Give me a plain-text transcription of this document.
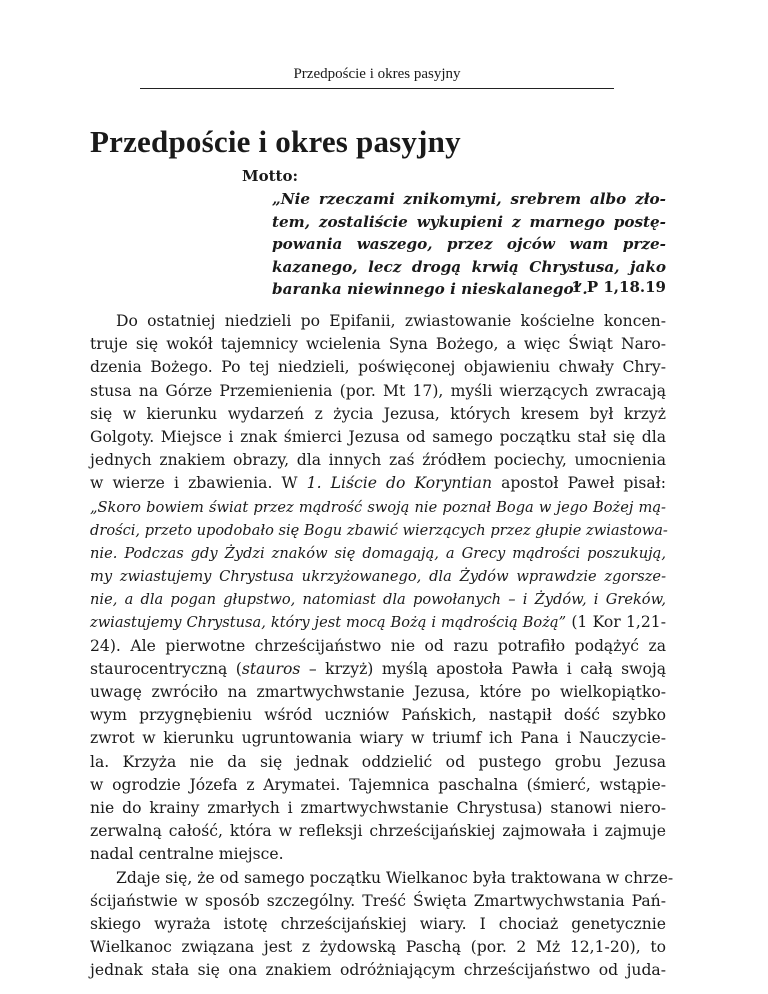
Przedpoście i okres pasyjny
Przedpoście i okres pasyjny
Motto:
„Nie rzeczami znikomymi, srebrem albo zło-
tem, zostaliście wykupieni z marnego postę-
powania waszego, przez ojców wam prze-
kazanego, lecz drogą krwią Chrystusa, jako
baranka niewinnego i nieskalanego”.
1 P 1,18.19
Do ostatniej niedzieli po Epifanii, zwiastowanie kościelne koncen-
truje się wokół tajemnicy wcielenia Syna Bożego, a więc Świąt Naro-
dzenia Bożego. Po tej niedzieli, poświęconej objawieniu chwały Chry-
stusa na Górze Przemienienia (por. Mt 17), myśli wierzących zwracają
się w kierunku wydarzeń z życia Jezusa, których kresem był krzyż
Golgoty. Miejsce i znak śmierci Jezusa od samego początku stał się dla
jednych znakiem obrazy, dla innych zaś źródłem pociechy, umocnienia
w wierze i zbawienia. W 1. Liście do Koryntian apostoł Paweł pisał:
„Skoro bowiem świat przez mądrość swoją nie poznał Boga w jego Bożej mą-
drości, przeto upodobało się Bogu zbawić wierzących przez głupie zwiastowa-
nie. Podczas gdy Żydzi znaków się domagają, a Grecy mądrości poszukują,
my zwiastujemy Chrystusa ukrzyżowanego, dla Żydów wprawdzie zgorsze-
nie, a dla pogan głupstwo, natomiast dla powołanych – i Żydów, i Greków,
zwiastujemy Chrystusa, który jest mocą Bożą i mądrością Bożą” (1 Kor 1,21-
24). Ale pierwotne chrześcijaństwo nie od razu potrafiło podążyć za
staurocentryczną (stauros – krzyż) myślą apostoła Pawła i całą swoją
uwagę zwróciło na zmartwychwstanie Jezusa, które po wielkopiątko-
wym przygnębieniu wśród uczniów Pańskich, nastąpił dość szybko
zwrot w kierunku ugruntowania wiary w triumf ich Pana i Nauczycie-
la. Krzyża nie da się jednak oddzielić od pustego grobu Jezusa
w ogrodzie Józefa z Arymatei. Tajemnica paschalna (śmierć, wstąpie-
nie do krainy zmarłych i zmartwychwstanie Chrystusa) stanowi niero-
zerwalną całość, która w refleksji chrześcijańskiej zajmowała i zajmuje
nadal centralne miejsce.
Zdaje się, że od samego początku Wielkanoc była traktowana w chrze-
ścijaństwie w sposób szczególny. Treść Święta Zmartwychwstania Pań-
skiego wyraża istotę chrześcijańskiej wiary. I chociaż genetycznie
Wielkanoc związana jest z żydowską Paschą (por. 2 Mż 12,1-20), to
jednak stała się ona znakiem odróżniającym chrześcijaństwo od juda-
